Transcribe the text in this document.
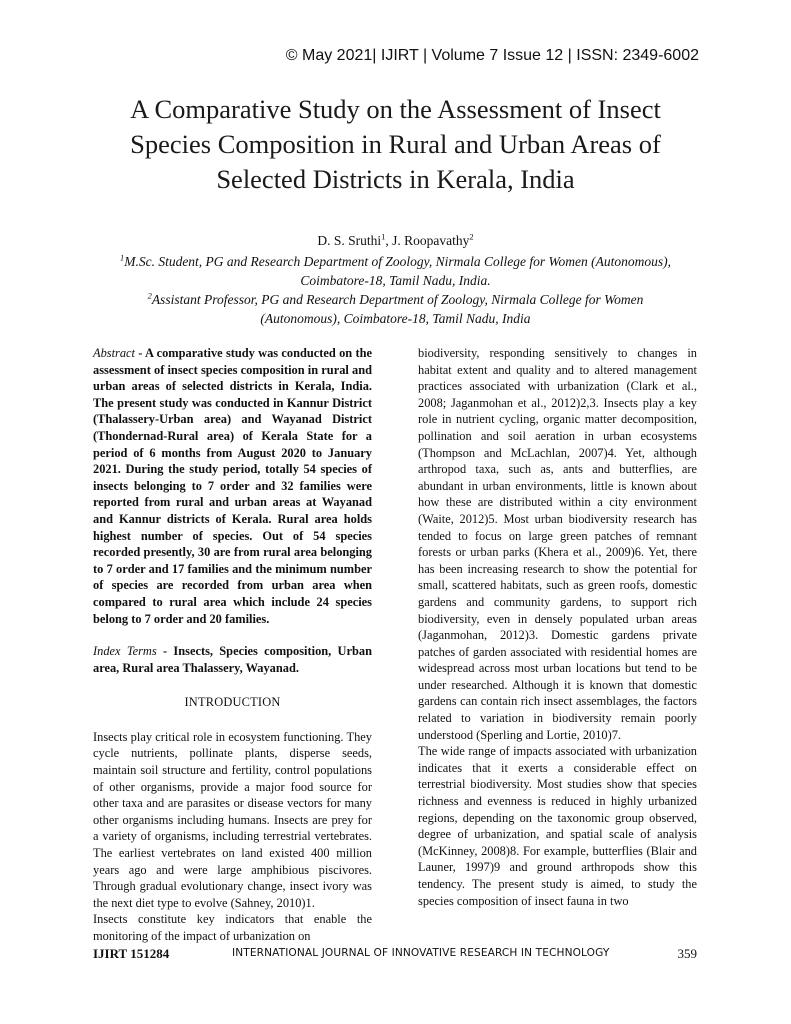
© May 2021| IJIRT | Volume 7 Issue 12 | ISSN: 2349-6002
A Comparative Study on the Assessment of Insect
Species Composition in Rural and Urban Areas of
Selected Districts in Kerala, India
D. S. Sruthi$^1$, J. Roopavathy$^2$
$^1$M.Sc. Student, PG and Research Department of Zoology, Nirmala College for Women (Autonomous),
Coimbatore-18, Tamil Nadu, India.
$^2$Assistant Professor, PG and Research Department of Zoology, Nirmala College for Women
(Autonomous), Coimbatore-18, Tamil Nadu, India

Abstract - A comparative study was conducted on the assessment of insect species composition in rural and urban areas of selected districts in Kerala, India. The present study was conducted in Kannur District (Thalassery-Urban area) and Wayanad District (Thondernad-Rural area) of Kerala State for a period of 6 months from August 2020 to January 2021. During the study period, totally 54 species of insects belonging to 7 order and 32 families were reported from rural and urban areas at Wayanad and Kannur districts of Kerala. Rural area holds highest number of species. Out of 54 species recorded presently, 30 are from rural area belonging to 7 order and 17 families and the minimum number of species are recorded from urban area when compared to rural area which include 24 species belong to 7 order and 20 families.

Index Terms - Insects, Species composition, Urban area, Rural area Thalassery, Wayanad.

INTRODUCTION

Insects play critical role in ecosystem functioning. They cycle nutrients, pollinate plants, disperse seeds, maintain soil structure and fertility, control populations of other organisms, provide a major food source for other taxa and are parasites or disease vectors for many other organisms including humans. Insects are prey for a variety of organisms, including terrestrial vertebrates. The earliest vertebrates on land existed 400 million years ago and were large amphibious piscivores. Through gradual evolutionary change, insect ivory was the next diet type to evolve (Sahney, 2010)1.

Insects constitute key indicators that enable the monitoring of the impact of urbanization on

biodiversity, responding sensitively to changes in habitat extent and quality and to altered management practices associated with urbanization (Clark et al., 2008; Jaganmohan et al., 2012)2,3. Insects play a key role in nutrient cycling, organic matter decomposition, pollination and soil aeration in urban ecosystems (Thompson and McLachlan, 2007)4. Yet, although arthropod taxa, such as, ants and butterflies, are abundant in urban environments, little is known about how these are distributed within a city environment (Waite, 2012)5. Most urban biodiversity research has tended to focus on large green patches of remnant forests or urban parks (Khera et al., 2009)6. Yet, there has been increasing research to show the potential for small, scattered habitats, such as green roofs, domestic gardens and community gardens, to support rich biodiversity, even in densely populated urban areas (Jaganmohan, 2012)3. Domestic gardens private patches of garden associated with residential homes are widespread across most urban locations but tend to be under researched. Although it is known that domestic gardens can contain rich insect assemblages, the factors related to variation in biodiversity remain poorly understood (Sperling and Lortie, 2010)7.

The wide range of impacts associated with urbanization indicates that it exerts a considerable effect on terrestrial biodiversity. Most studies show that species richness and evenness is reduced in highly urbanized regions, depending on the taxonomic group observed, degree of urbanization, and spatial scale of analysis (McKinney, 2008)8. For example, butterflies (Blair and Launer, 1997)9 and ground arthropods show this tendency. The present study is aimed, to study the species composition of insect fauna in two

IJIRT 151284	INTERNATIONAL JOURNAL OF INNOVATIVE RESEARCH IN TECHNOLOGY	359
